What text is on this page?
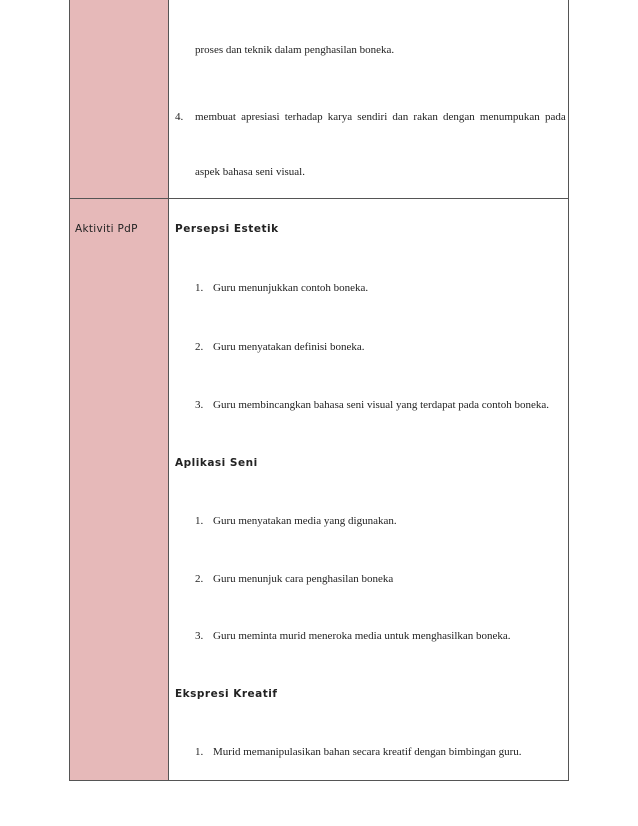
proses dan teknik dalam penghasilan boneka.
4. membuat apresiasi terhadap karya sendiri dan rakan dengan menumpukan pada
aspek bahasa seni visual.
Aktiviti PdP	Persepsi Estetik
1. Guru menunjukkan contoh boneka.
2. Guru menyatakan definisi boneka.
3. Guru membincangkan bahasa seni visual yang terdapat pada contoh boneka.
Aplikasi Seni
1. Guru menyatakan media yang digunakan.
2. Guru menunjuk cara penghasilan boneka
3. Guru meminta murid meneroka media untuk menghasilkan boneka.
Ekspresi Kreatif
1. Murid memanipulasikan bahan secara kreatif dengan bimbingan guru.
